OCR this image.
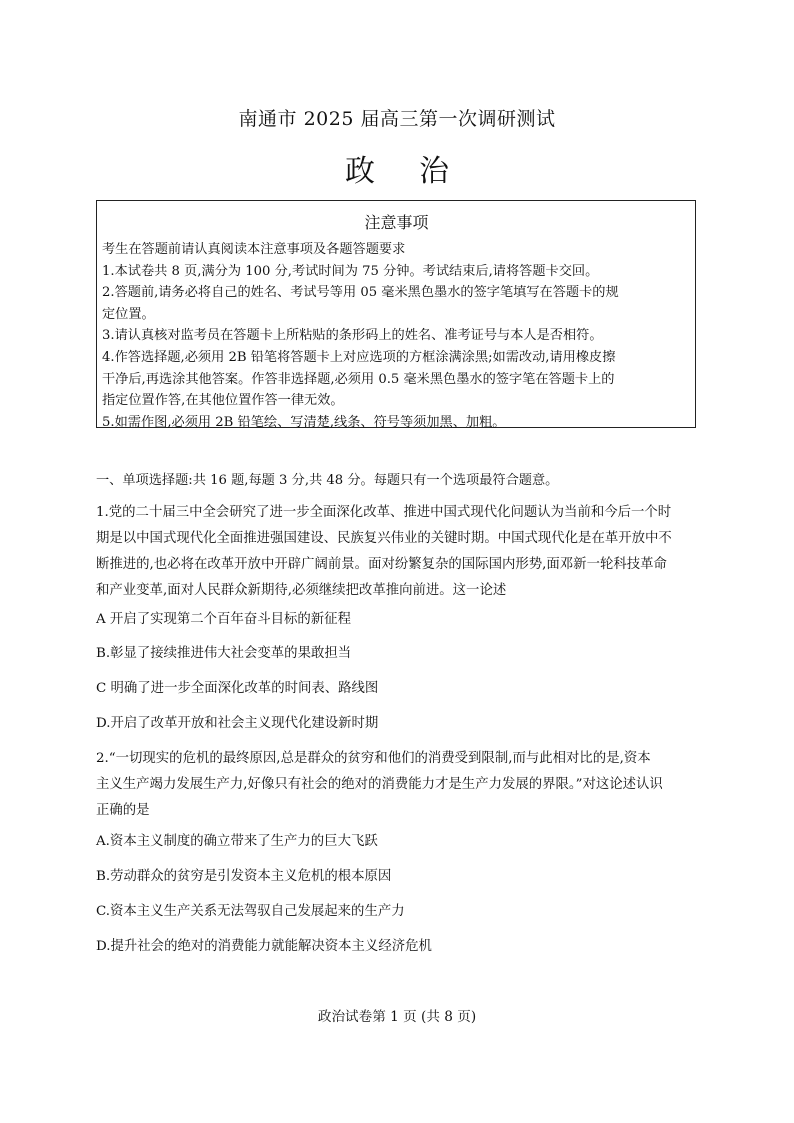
南通市 2025 届高三第一次调研测试
政治
注意事项

考生在答题前请认真阅读本注意事项及各题答题要求

1.本试卷共 8 页,满分为 100 分,考试时间为 75 分钟。考试结束后,请将答题卡交回。

2.答题前,请务必将自己的姓名、考试号等用 05 毫米黑色墨水的签字笔填写在答题卡的规

定位置。

3.请认真核对监考员在答题卡上所粘贴的条形码上的姓名、准考证号与本人是否相符。

4.作答选择题,必须用 2B 铅笔将答题卡上对应选项的方框涂满涂黑;如需改动,请用橡皮擦

干净后,再选涂其他答案。作答非选择题,必须用 0.5 毫米黑色墨水的签字笔在答题卡上的

指定位置作答,在其他位置作答一律无效。

5.如需作图,必须用 2B 铅笔绘、写清楚,线条、符号等须加黑、加粗。

一、单项选择题:共 16 题,每题 3 分,共 48 分。每题只有一个选项最符合题意。

1.党的二十届三中全会研究了进一步全面深化改革、推进中国式现代化问题认为当前和今后一个时

期是以中国式现代化全面推进强国建设、民族复兴伟业的关键时期。中国式现代化是在革开放中不

断推进的,也必将在改革开放中开辟广阔前景。面对纷繁复杂的国际国内形势,面邓新一轮科技革命

和产业变革,面对人民群众新期待,必须继续把改革推向前进。这一论述

A 开启了实现第二个百年奋斗目标的新征程

B.彰显了接续推进伟大社会变革的果敢担当

C 明确了进一步全面深化改革的时间表、路线图

D.开启了改革开放和社会主义现代化建设新时期

2.“一切现实的危机的最终原因,总是群众的贫穷和他们的消费受到限制,而与此相对比的是,资本

主义生产竭力发展生产力,好像只有社会的绝对的消费能力才是生产力发展的界限。”对这论述认识

正确的是

A.资本主义制度的确立带来了生产力的巨大飞跃

B.劳动群众的贫穷是引发资本主义危机的根本原因

C.资本主义生产关系无法驾驭自己发展起来的生产力

D.提升社会的绝对的消费能力就能解决资本主义经济危机

政治试卷第 1 页 (共 8 页)
